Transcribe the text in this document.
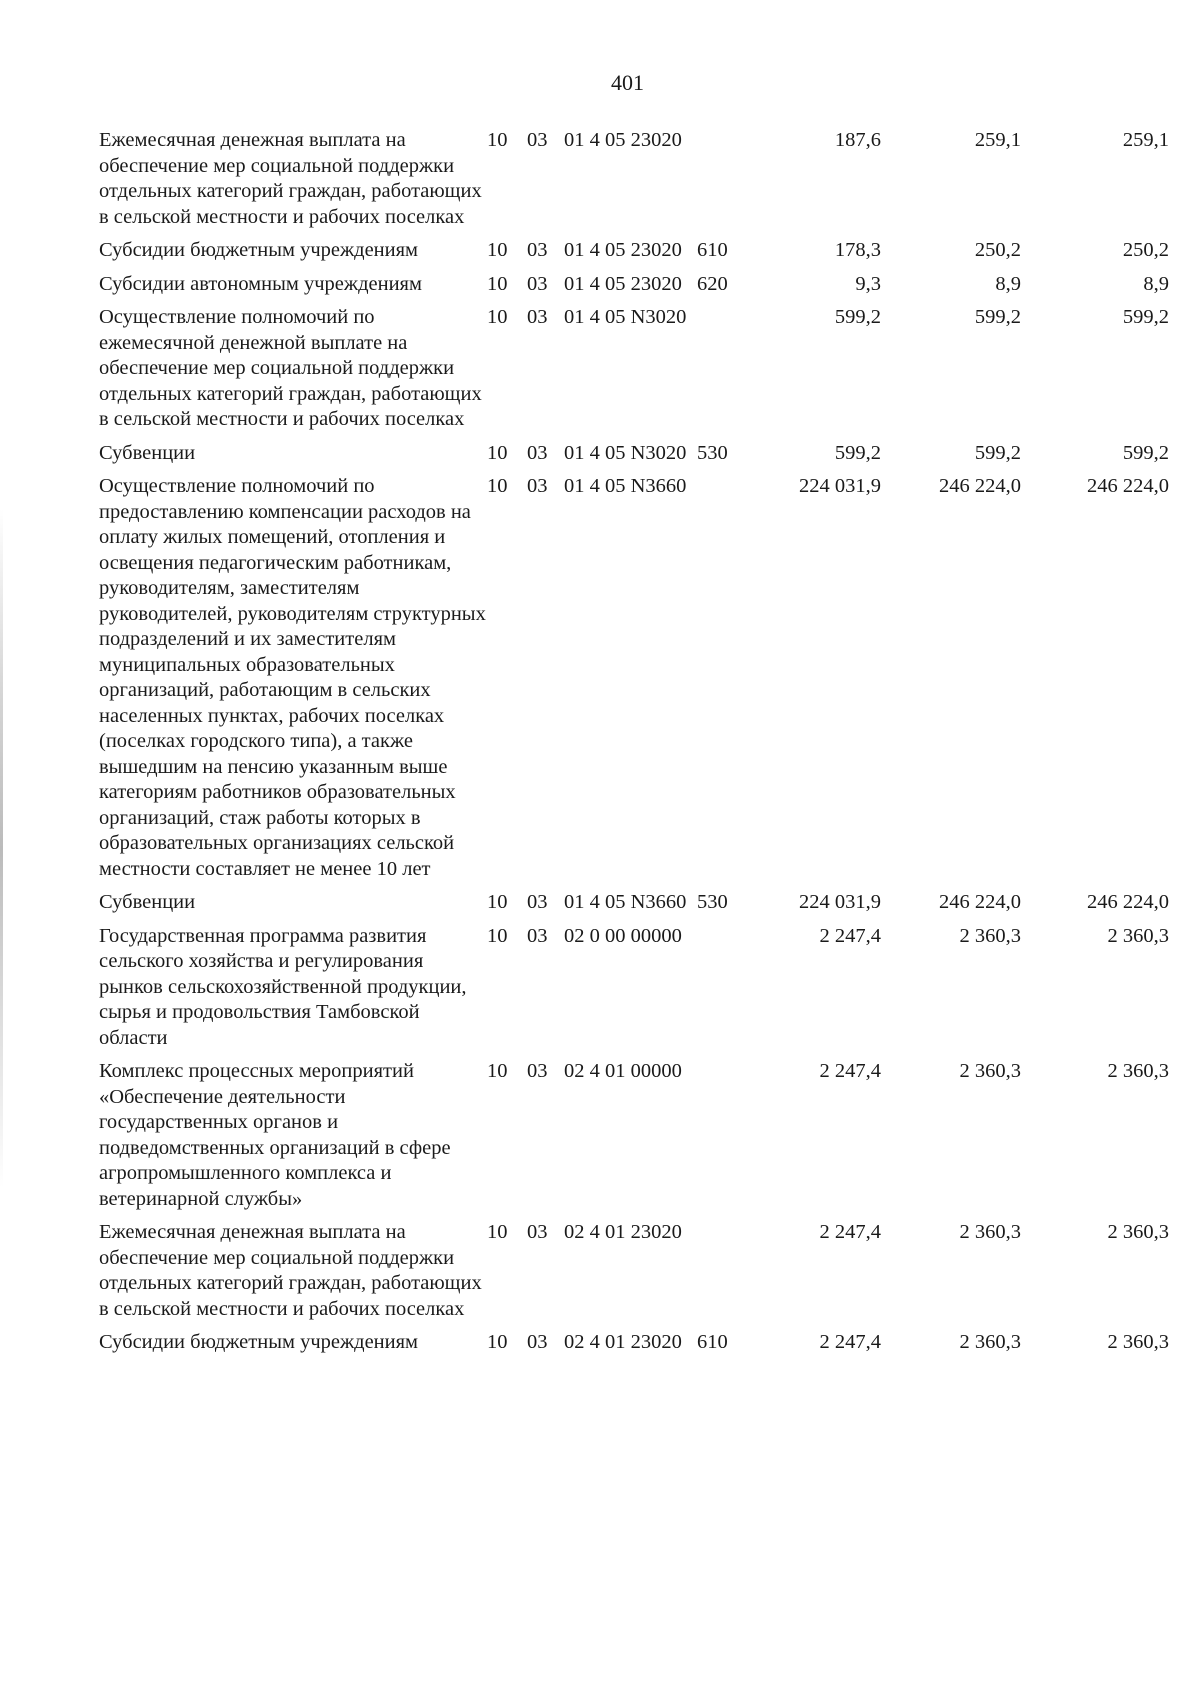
401
Ежемесячная денежная выплата на обеспечение мер социальной поддержки отдельных категорий граждан, работающих в сельской местности и рабочих поселках	10	03	01 4 05 23020		187,6	259,1	259,1
Субсидии бюджетным учреждениям	10	03	01 4 05 23020	610	178,3	250,2	250,2
Субсидии автономным учреждениям	10	03	01 4 05 23020	620	9,3	8,9	8,9
Осуществление полномочий по ежемесячной денежной выплате на обеспечение мер социальной поддержки отдельных категорий граждан, работающих в сельской местности и рабочих поселках	10	03	01 4 05 N3020		599,2	599,2	599,2
Субвенции	10	03	01 4 05 N3020	530	599,2	599,2	599,2
Осуществление полномочий по предоставлению компенсации расходов на оплату жилых помещений, отопления и освещения педагогическим работникам, руководителям, заместителям руководителей, руководителям структурных подразделений и их заместителям муниципальных образовательных организаций, работающим в сельских населенных пунктах, рабочих поселках (поселках городского типа), а также вышедшим на пенсию указанным выше категориям работников образовательных организаций, стаж работы которых в образовательных организациях сельской местности составляет не менее 10 лет	10	03	01 4 05 N3660		224 031,9	246 224,0	246 224,0
Субвенции	10	03	01 4 05 N3660	530	224 031,9	246 224,0	246 224,0
Государственная программа развития сельского хозяйства и регулирования рынков сельскохозяйственной продукции, сырья и продовольствия Тамбовской области	10	03	02 0 00 00000		2 247,4	2 360,3	2 360,3
Комплекс процессных мероприятий «Обеспечение деятельности государственных органов и подведомственных организаций в сфере агропромышленного комплекса и ветеринарной службы»	10	03	02 4 01 00000		2 247,4	2 360,3	2 360,3
Ежемесячная денежная выплата на обеспечение мер социальной поддержки отдельных категорий граждан, работающих в сельской местности и рабочих поселках	10	03	02 4 01 23020		2 247,4	2 360,3	2 360,3
Субсидии бюджетным учреждениям	10	03	02 4 01 23020	610	2 247,4	2 360,3	2 360,3
